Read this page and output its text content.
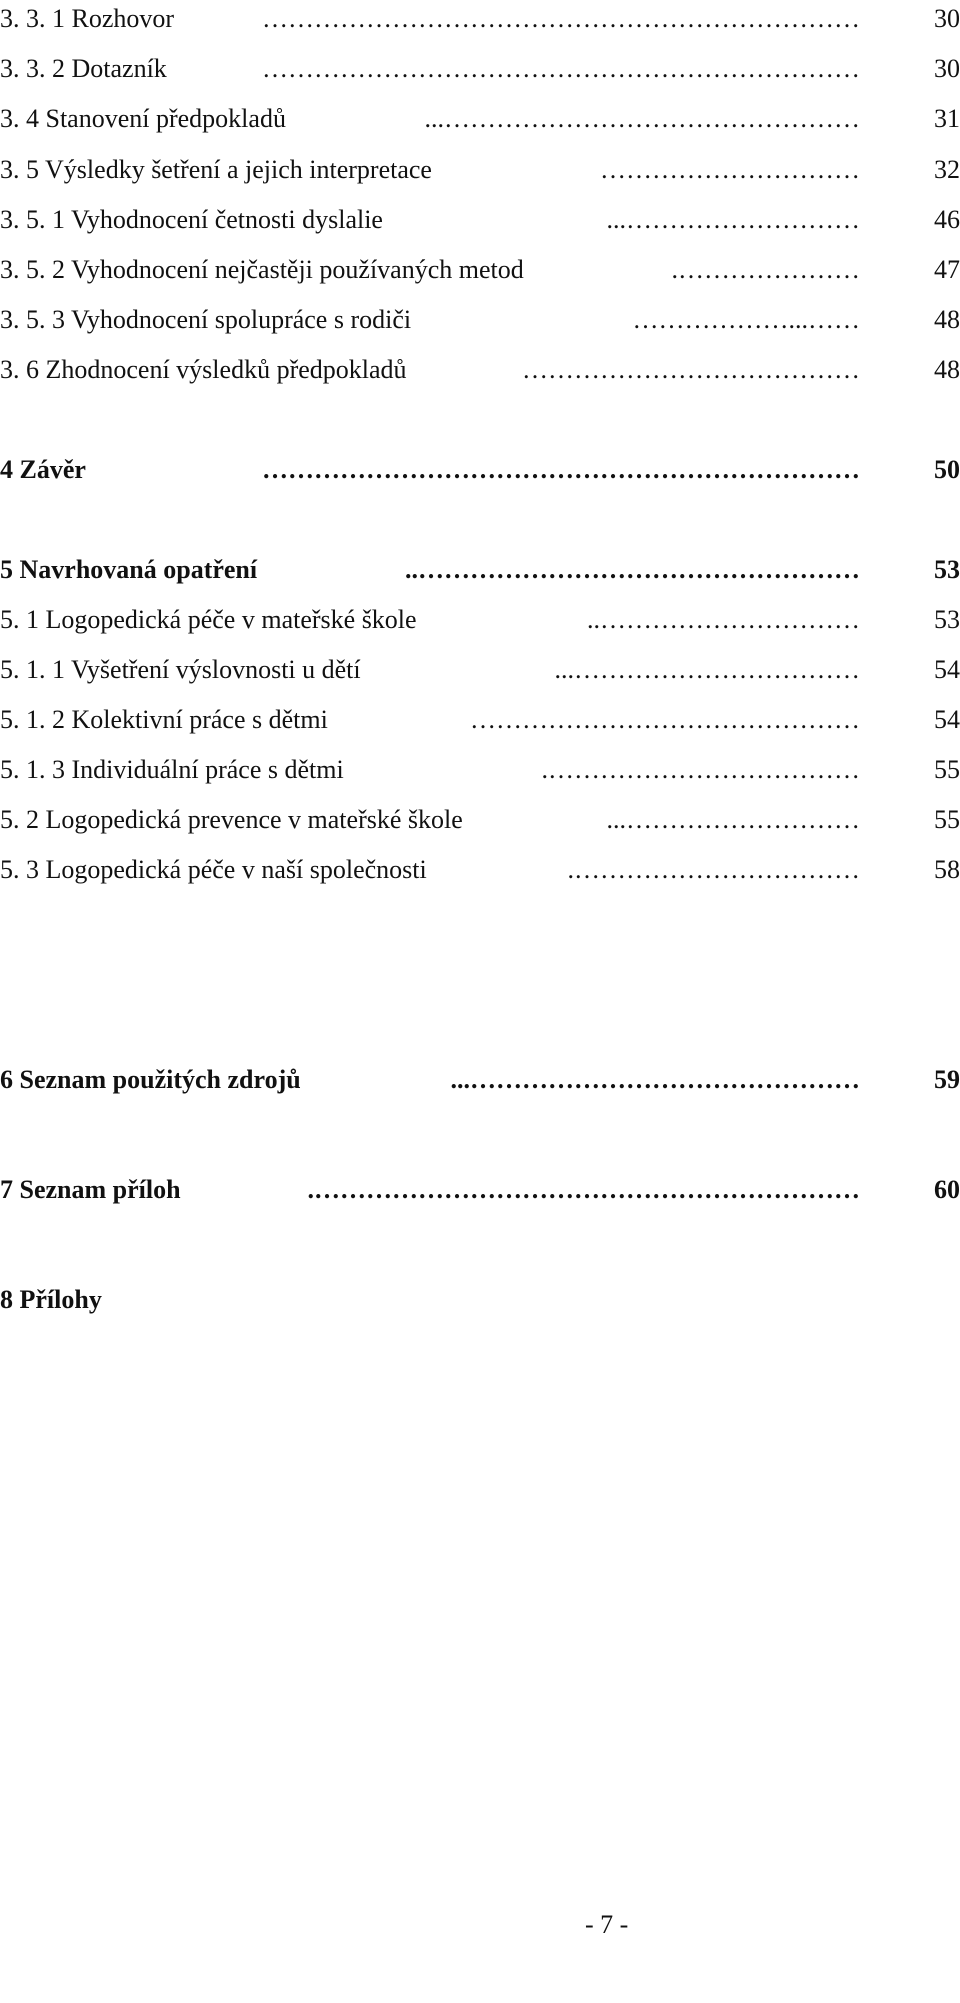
3. 3. 1 Rozhovor	……………………………………………………………	30
3. 3. 2 Dotazník	……………………………………………………………	30
3. 4 Stanovení předpokladů	…………………………………………...	31
3. 5 Výsledky šetření a jejich interpretace	…………………………	32
3. 5. 1 Vyhodnocení četnosti dyslalie	………………………...	46
3. 5. 2 Vyhodnocení nejčastěji používaných metod	………………….	47
3. 5. 3 Vyhodnocení spolupráce s rodiči	……...………………	48
3. 6 Zhodnocení výsledků předpokladů	…………………………………	48
4 Závěr	……………………………………………………………	50
5 Navrhovaná opatření	……………………………………………..	53
5. 1 Logopedická péče v mateřské škole	…………………………..	53
5. 1. 1 Vyšetření výslovnosti u dětí	……………………………...	54
5. 1. 2 Kolektivní práce s dětmi	………………………………………	54
5. 1. 3 Individuální práce s dětmi	……………………………….	55
5. 2 Logopedická prevence v mateřské škole	………………………...	55
5. 3 Logopedická péče v naší společnosti	…………………………….	58
6 Seznam použitých zdrojů	………………………………………...	59
7 Seznam příloh	……………………………………………………….	60
8 Přílohy
- 7 -
